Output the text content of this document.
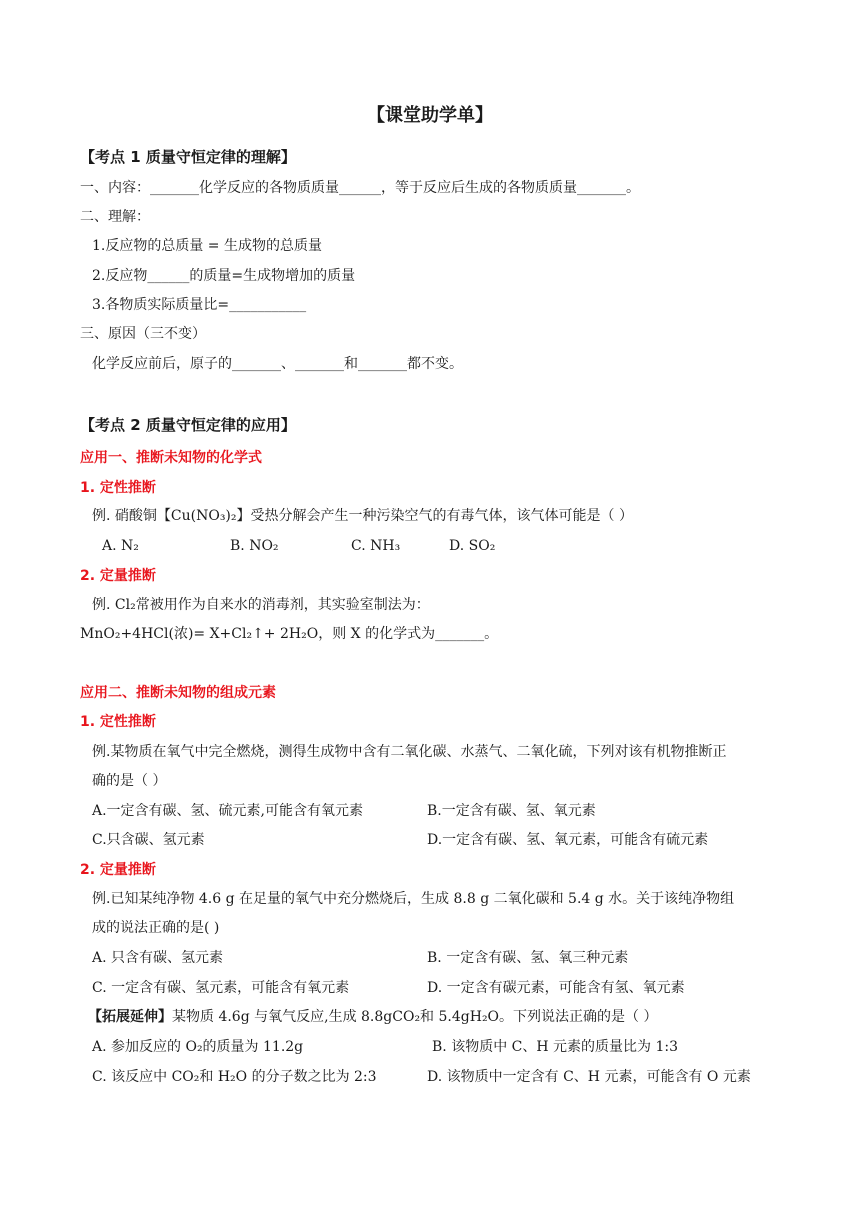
【课堂助学单】
【考点 1 质量守恒定律的理解】
一、内容：_______化学反应的各物质质量______，等于反应后生成的各物质质量_______。
二、理解：
1.反应物的总质量 = 生成物的总质量
2.反应物______的质量=生成物增加的质量
3.各物质实际质量比=___________
三、原因（三不变）
化学反应前后，原子的_______、_______和_______都不变。
【考点 2 质量守恒定律的应用】
应用一、推断未知物的化学式
1. 定性推断
例. 硝酸铜【Cu(NO₃)₂】受热分解会产生一种污染空气的有毒气体，该气体可能是（ ）
A. N₂	B. NO₂	C. NH₃	D. SO₂
2. 定量推断
例. Cl₂常被用作为自来水的消毒剂，其实验室制法为：
MnO₂+4HCl(浓)= X+Cl₂↑+ 2H₂O，则 X 的化学式为_______。
应用二、推断未知物的组成元素
1. 定性推断
例.某物质在氧气中完全燃烧，测得生成物中含有二氧化碳、水蒸气、二氧化硫，下列对该有机物推断正
确的是（ ）
A.一定含有碳、氢、硫元素,可能含有氧元素	B.一定含有碳、氢、氧元素
C.只含碳、氢元素	D.一定含有碳、氢、氧元素，可能含有硫元素
2. 定量推断
例.已知某纯净物 4.6 g 在足量的氧气中充分燃烧后，生成 8.8 g 二氧化碳和 5.4 g 水。关于该纯净物组
成的说法正确的是( )
A. 只含有碳、氢元素	B. 一定含有碳、氢、氧三种元素
C. 一定含有碳、氢元素，可能含有氧元素	D. 一定含有碳元素，可能含有氢、氧元素
【拓展延伸】某物质 4.6g 与氧气反应,生成 8.8gCO₂和 5.4gH₂O。下列说法正确的是（ ）
A. 参加反应的 O₂的质量为 11.2g	B. 该物质中 C、H 元素的质量比为 1:3
C. 该反应中 CO₂和 H₂O 的分子数之比为 2:3	D. 该物质中一定含有 C、H 元素，可能含有 O 元素
